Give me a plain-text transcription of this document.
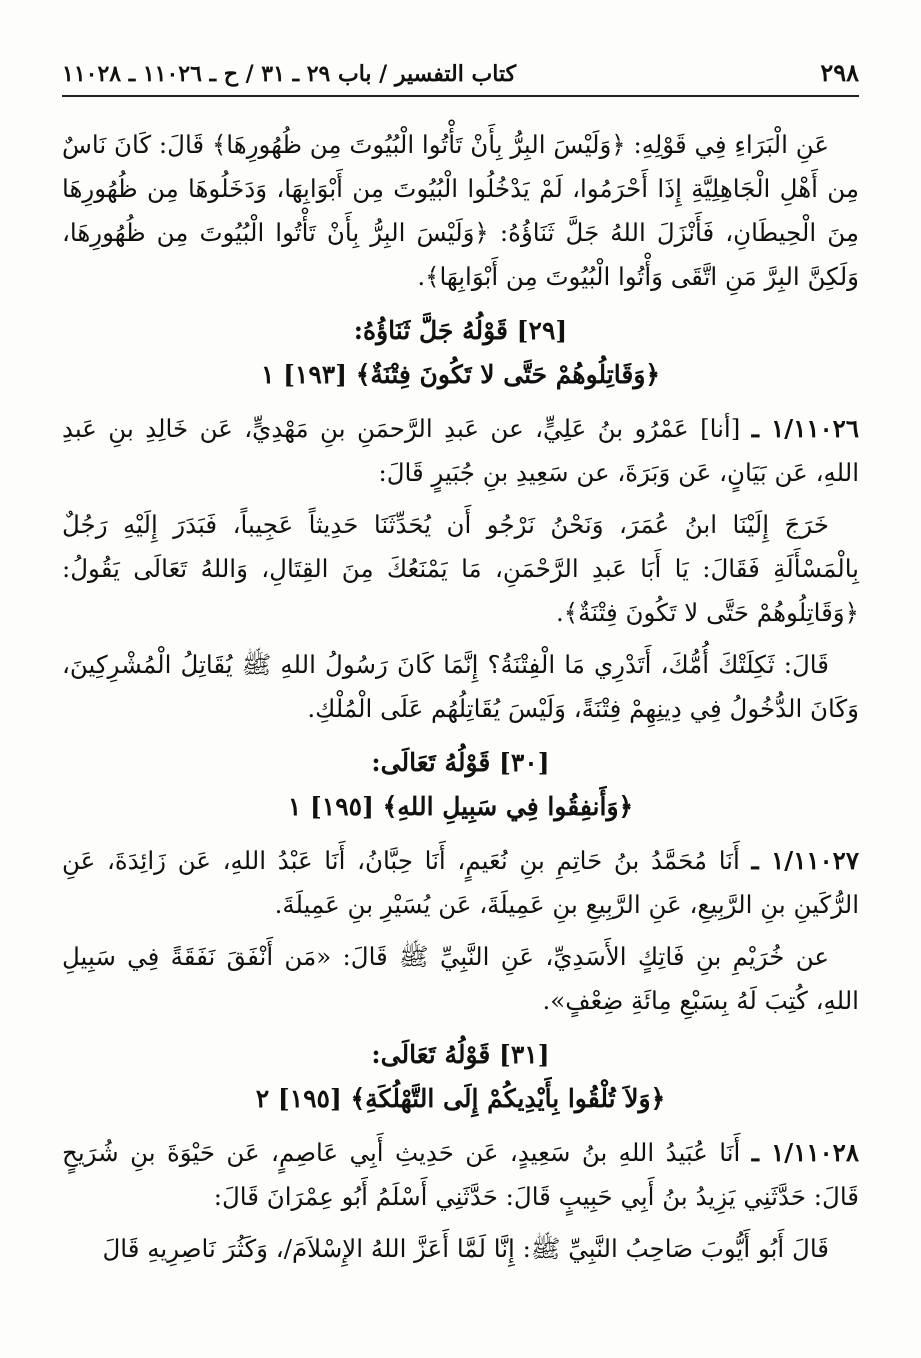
٢٩٨
كتاب التفسير / باب ٢٩ ـ ٣١ / ح ـ ١١٠٢٦ ـ ١١٠٢٨

عَنِ الْبَرَاءِ فِي قَوْلِهِ: ﴿وَلَيْسَ البِرُّ بِأَنْ تَأْتُوا الْبُيُوتَ مِن ظُهُورِهَا﴾ قَالَ: كَانَ نَاسٌ مِن أَهْلِ الْجَاهِلِيَّةِ إِذَا أَحْرَمُوا، لَمْ يَدْخُلُوا الْبُيُوتَ مِن أَبْوَابِهَا، وَدَخَلُوهَا مِن ظُهُورِهَا مِنَ الْحِيطَانِ، فَأَنْزَلَ اللهُ جَلَّ ثَنَاؤُهُ: ﴿وَلَيْسَ البِرُّ بِأَنْ تَأْتُوا الْبُيُوتَ مِن ظُهُورِهَا، وَلَكِنَّ البِرَّ مَنِ اتَّقَى وَأْتُوا الْبُيُوتَ مِن أَبْوَابِهَا﴾.

[٢٩] قَوْلُهُ جَلَّ ثَنَاؤُهُ:

﴿وَقَاتِلُوهُمْ حَتَّى لا تَكُونَ فِتْنَةٌ﴾ [١٩٣] ١

١/١١٠٢٦ ـ [أنا] عَمْرُو بنُ عَلِيٍّ، عن عَبدِ الرَّحمَنِ بنِ مَهْدِيٍّ، عَن خَالِدِ بنِ عَبدِ اللهِ، عَن بَيَانٍ، عَن وَبَرَةَ، عن سَعِيدِ بنِ جُبَيرٍ قَالَ:

خَرَجَ إِلَيْنَا ابنُ عُمَرَ، وَنَحْنُ نَرْجُو أَن يُحَدِّثَنَا حَدِيثاً عَجِيباً، فَبَدَرَ إِلَيْهِ رَجُلٌ بِالْمَسْأَلَةِ فَقَالَ: يَا أَبَا عَبدِ الرَّحْمَنِ، مَا يَمْنَعُكَ مِنَ القِتَالِ، وَاللهُ تَعَالَى يَقُولُ: ﴿وَقَاتِلُوهُمْ حَتَّى لا تَكُونَ فِتْنَةٌ﴾.

قَالَ: ثَكِلَتْكَ أُمُّكَ، أَتَدْرِي مَا الْفِتْنَةُ؟ إِنَّمَا كَانَ رَسُولُ اللهِ ﷺ يُقَاتِلُ الْمُشْرِكِينَ، وَكَانَ الدُّخُولُ فِي دِينِهِمْ فِتْنَةً، وَلَيْسَ يُقَاتِلُهُم عَلَى الْمُلْكِ.

[٣٠] قَوْلُهُ تَعَالَى:

﴿وَأَنفِقُوا فِي سَبِيلِ اللهِ﴾ [١٩٥] ١

١/١١٠٢٧ ـ أَنَا مُحَمَّدُ بنُ حَاتِمِ بنِ نُعَيمٍ، أَنَا حِبَّانُ، أَنَا عَبْدُ اللهِ، عَن زَائِدَةَ، عَنِ الرُّكَينِ بنِ الرَّبِيعِ، عَنِ الرَّبِيعِ بنِ عَمِيلَةَ، عَن يُسَيْرِ بنِ عَمِيلَةَ.

عن خُرَيْمِ بنِ فَاتِكٍ الأَسَدِيِّ، عَنِ النَّبِيِّ ﷺ قَالَ: «مَن أَنْفَقَ نَفَقَةً فِي سَبِيلِ اللهِ، كُتِبَ لَهُ بِسَبْعِ مِائَةِ ضِعْفٍ».

[٣١] قَوْلُهُ تَعَالَى:

﴿وَلاَ تُلْقُوا بِأَيْدِيكُمْ إِلَى التَّهْلُكَةِ﴾ [١٩٥] ٢

١/١١٠٢٨ ـ أَنَا عُبَيدُ اللهِ بنُ سَعِيدٍ، عَن حَدِيثِ أَبِي عَاصِمٍ، عَن حَيْوَةَ بنِ شُرَيحٍ قَالَ: حَدَّثَنِي يَزِيدُ بنُ أَبِي حَبِيبٍ قَالَ: حَدَّثَنِي أَسْلَمُ أَبُو عِمْرَانَ قَالَ:

قَالَ أَبُو أَيُّوبَ صَاحِبُ النَّبِيِّ ﷺ: إِنَّا لَمَّا أَعَزَّ اللهُ الإِسْلاَمَ/، وَكَثُرَ نَاصِرِيهِ قَالَ
